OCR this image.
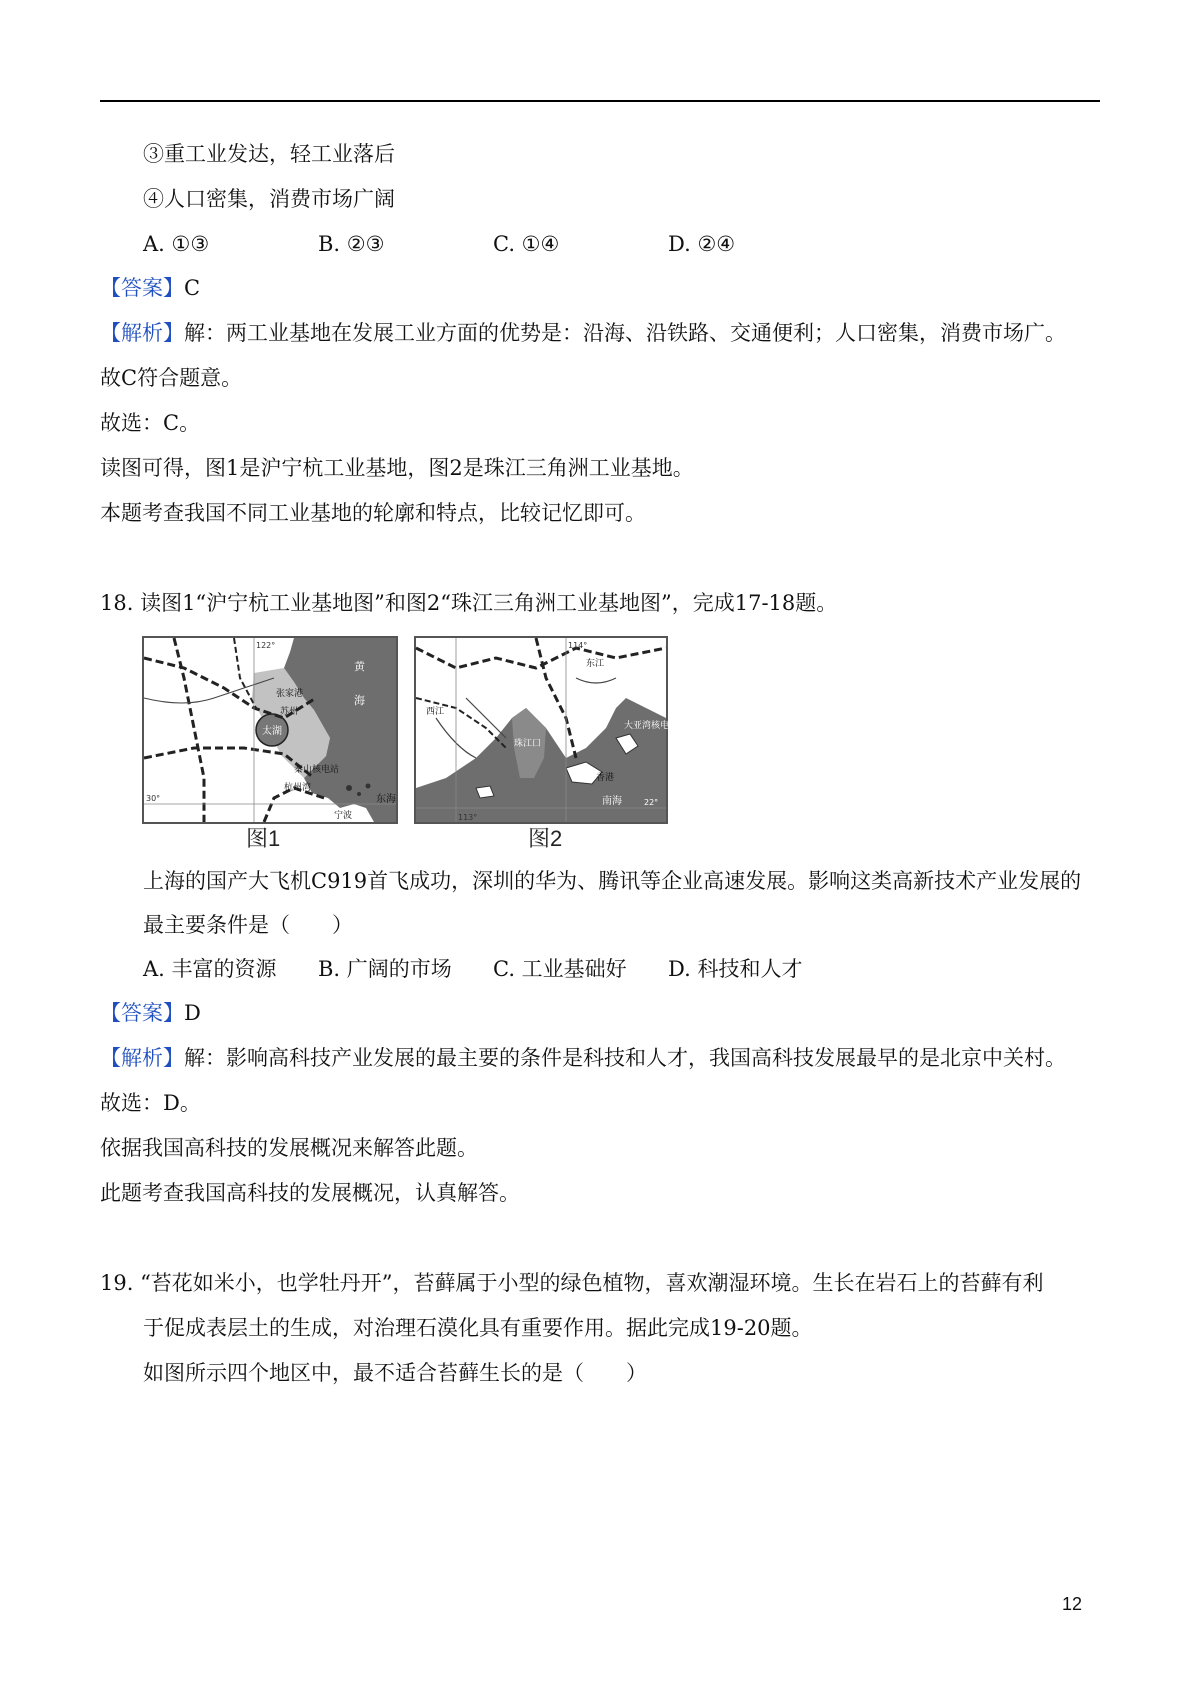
③重工业发达，轻工业落后
④人口密集，消费市场广阔
A. ①③	B. ②③	C. ①④	D. ②④
【答案】C
【解析】解：两工业基地在发展工业方面的优势是：沿海、沿铁路、交通便利；人口密集，消费市场广。
故C符合题意。
故选：C。
读图可得，图1是沪宁杭工业基地，图2是珠江三角洲工业基地。
本题考查我国不同工业基地的轮廓和特点，比较记忆即可。
18. 读图1“沪宁杭工业基地图”和图2“珠江三角洲工业基地图”，完成17-18题。
黄
海
太湖
张家港
苏州
秦山核电站
杭州湾
宁波
东海
122°
30°
图1
东江
西江
珠江口
大亚湾核电站
香港
南海
114°
113°
22°
图2
上海的国产大飞机C919首飞成功，深圳的华为、腾讯等企业高速发展。影响这类高新技术产业发展的
最主要条件是（　　）
A. 丰富的资源 B. 广阔的市场 C. 工业基础好 D. 科技和人才
【答案】D
【解析】解：影响高科技产业发展的最主要的条件是科技和人才，我国高科技发展最早的是北京中关村。
故选：D。
依据我国高科技的发展概况来解答此题。
此题考查我国高科技的发展概况，认真解答。
19. “苔花如米小，也学牡丹开”，苔藓属于小型的绿色植物，喜欢潮湿环境。生长在岩石上的苔藓有利
于促成表层土的生成，对治理石漠化具有重要作用。据此完成19-20题。
如图所示四个地区中，最不适合苔藓生长的是（　　）
12
